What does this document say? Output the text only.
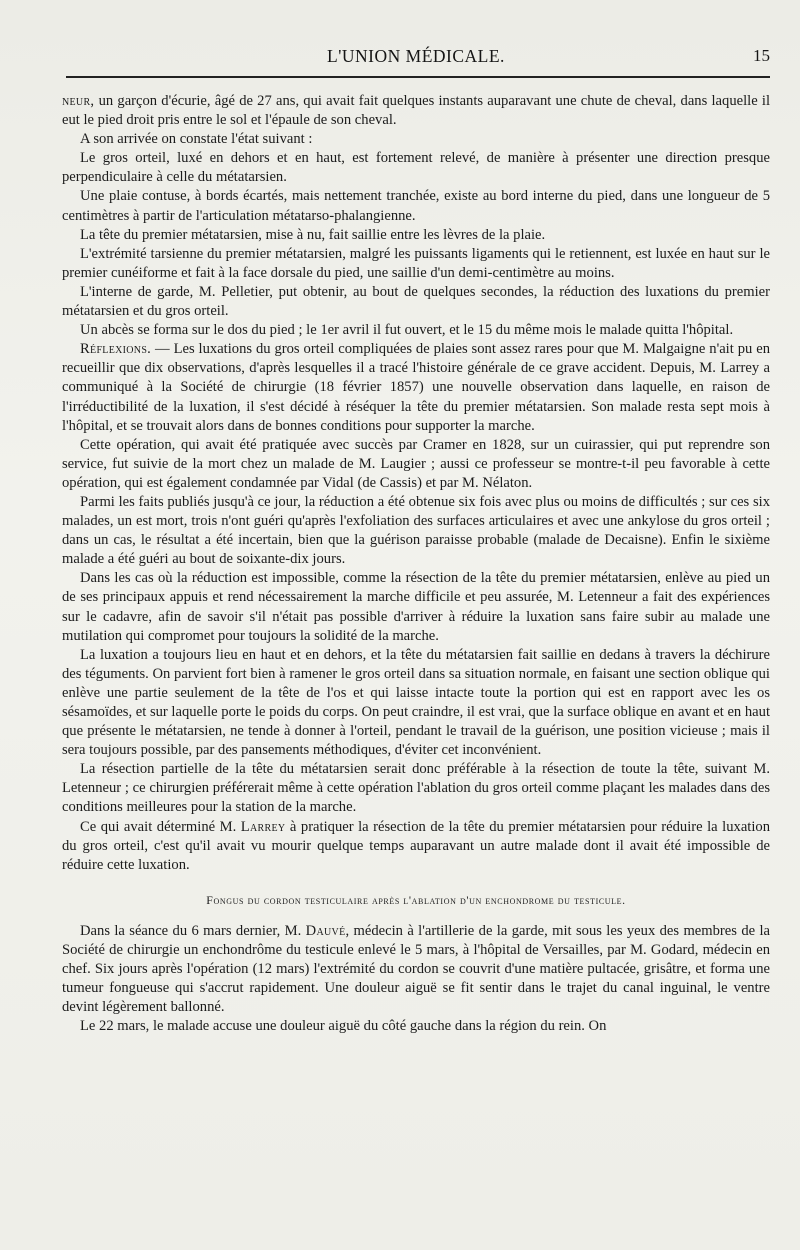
L'UNION MÉDICALE.	15

neur, un garçon d'écurie, âgé de 27 ans, qui avait fait quelques instants auparavant une chute de cheval, dans laquelle il eut le pied droit pris entre le sol et l'épaule de son cheval.

A son arrivée on constate l'état suivant :

Le gros orteil, luxé en dehors et en haut, est fortement relevé, de manière à présenter une direction presque perpendiculaire à celle du métatarsien.

Une plaie contuse, à bords écartés, mais nettement tranchée, existe au bord interne du pied, dans une longueur de 5 centimètres à partir de l'articulation métatarso-phalangienne.

La tête du premier métatarsien, mise à nu, fait saillie entre les lèvres de la plaie.

L'extrémité tarsienne du premier métatarsien, malgré les puissants ligaments qui le retiennent, est luxée en haut sur le premier cunéiforme et fait à la face dorsale du pied, une saillie d'un demi-centimètre au moins.

L'interne de garde, M. Pelletier, put obtenir, au bout de quelques secondes, la réduction des luxations du premier métatarsien et du gros orteil.

Un abcès se forma sur le dos du pied ; le 1er avril il fut ouvert, et le 15 du même mois le malade quitta l'hôpital.

Réflexions. — Les luxations du gros orteil compliquées de plaies sont assez rares pour que M. Malgaigne n'ait pu en recueillir que dix observations, d'après lesquelles il a tracé l'histoire générale de ce grave accident. Depuis, M. Larrey a communiqué à la Société de chirurgie (18 février 1857) une nouvelle observation dans laquelle, en raison de l'irréductibilité de la luxation, il s'est décidé à réséquer la tête du premier métatarsien. Son malade resta sept mois à l'hôpital, et se trouvait alors dans de bonnes conditions pour supporter la marche.

Cette opération, qui avait été pratiquée avec succès par Cramer en 1828, sur un cuirassier, qui put reprendre son service, fut suivie de la mort chez un malade de M. Laugier ; aussi ce professeur se montre-t-il peu favorable à cette opération, qui est également condamnée par Vidal (de Cassis) et par M. Nélaton.

Parmi les faits publiés jusqu'à ce jour, la réduction a été obtenue six fois avec plus ou moins de difficultés ; sur ces six malades, un est mort, trois n'ont guéri qu'après l'exfoliation des surfaces articulaires et avec une ankylose du gros orteil ; dans un cas, le résultat a été incertain, bien que la guérison paraisse probable (malade de Decaisne). Enfin le sixième malade a été guéri au bout de soixante-dix jours.

Dans les cas où la réduction est impossible, comme la résection de la tête du premier métatarsien, enlève au pied un de ses principaux appuis et rend nécessairement la marche difficile et peu assurée, M. Letenneur a fait des expériences sur le cadavre, afin de savoir s'il n'était pas possible d'arriver à réduire la luxation sans faire subir au malade une mutilation qui compromet pour toujours la solidité de la marche.

La luxation a toujours lieu en haut et en dehors, et la tête du métatarsien fait saillie en dedans à travers la déchirure des téguments. On parvient fort bien à ramener le gros orteil dans sa situation normale, en faisant une section oblique qui enlève une partie seulement de la tête de l'os et qui laisse intacte toute la portion qui est en rapport avec les os sésamoïdes, et sur laquelle porte le poids du corps. On peut craindre, il est vrai, que la surface oblique en avant et en haut que présente le métatarsien, ne tende à donner à l'orteil, pendant le travail de la guérison, une position vicieuse ; mais il sera toujours possible, par des pansements méthodiques, d'éviter cet inconvénient.

La résection partielle de la tête du métatarsien serait donc préférable à la résection de toute la tête, suivant M. Letenneur ; ce chirurgien préférerait même à cette opération l'ablation du gros orteil comme plaçant les malades dans des conditions meilleures pour la station de la marche.

Ce qui avait déterminé M. Larrey à pratiquer la résection de la tête du premier métatarsien pour réduire la luxation du gros orteil, c'est qu'il avait vu mourir quelque temps auparavant un autre malade dont il avait été impossible de réduire cette luxation.

Fongus du cordon testiculaire après l'ablation d'un enchondrome du testicule.

Dans la séance du 6 mars dernier, M. Dauvé, médecin à l'artillerie de la garde, mit sous les yeux des membres de la Société de chirurgie un enchondrôme du testicule enlevé le 5 mars, à l'hôpital de Versailles, par M. Godard, médecin en chef. Six jours après l'opération (12 mars) l'extrémité du cordon se couvrit d'une matière pultacée, grisâtre, et forma une tumeur fongueuse qui s'accrut rapidement. Une douleur aiguë se fit sentir dans le trajet du canal inguinal, le ventre devint légèrement ballonné.

Le 22 mars, le malade accuse une douleur aiguë du côté gauche dans la région du rein. On
